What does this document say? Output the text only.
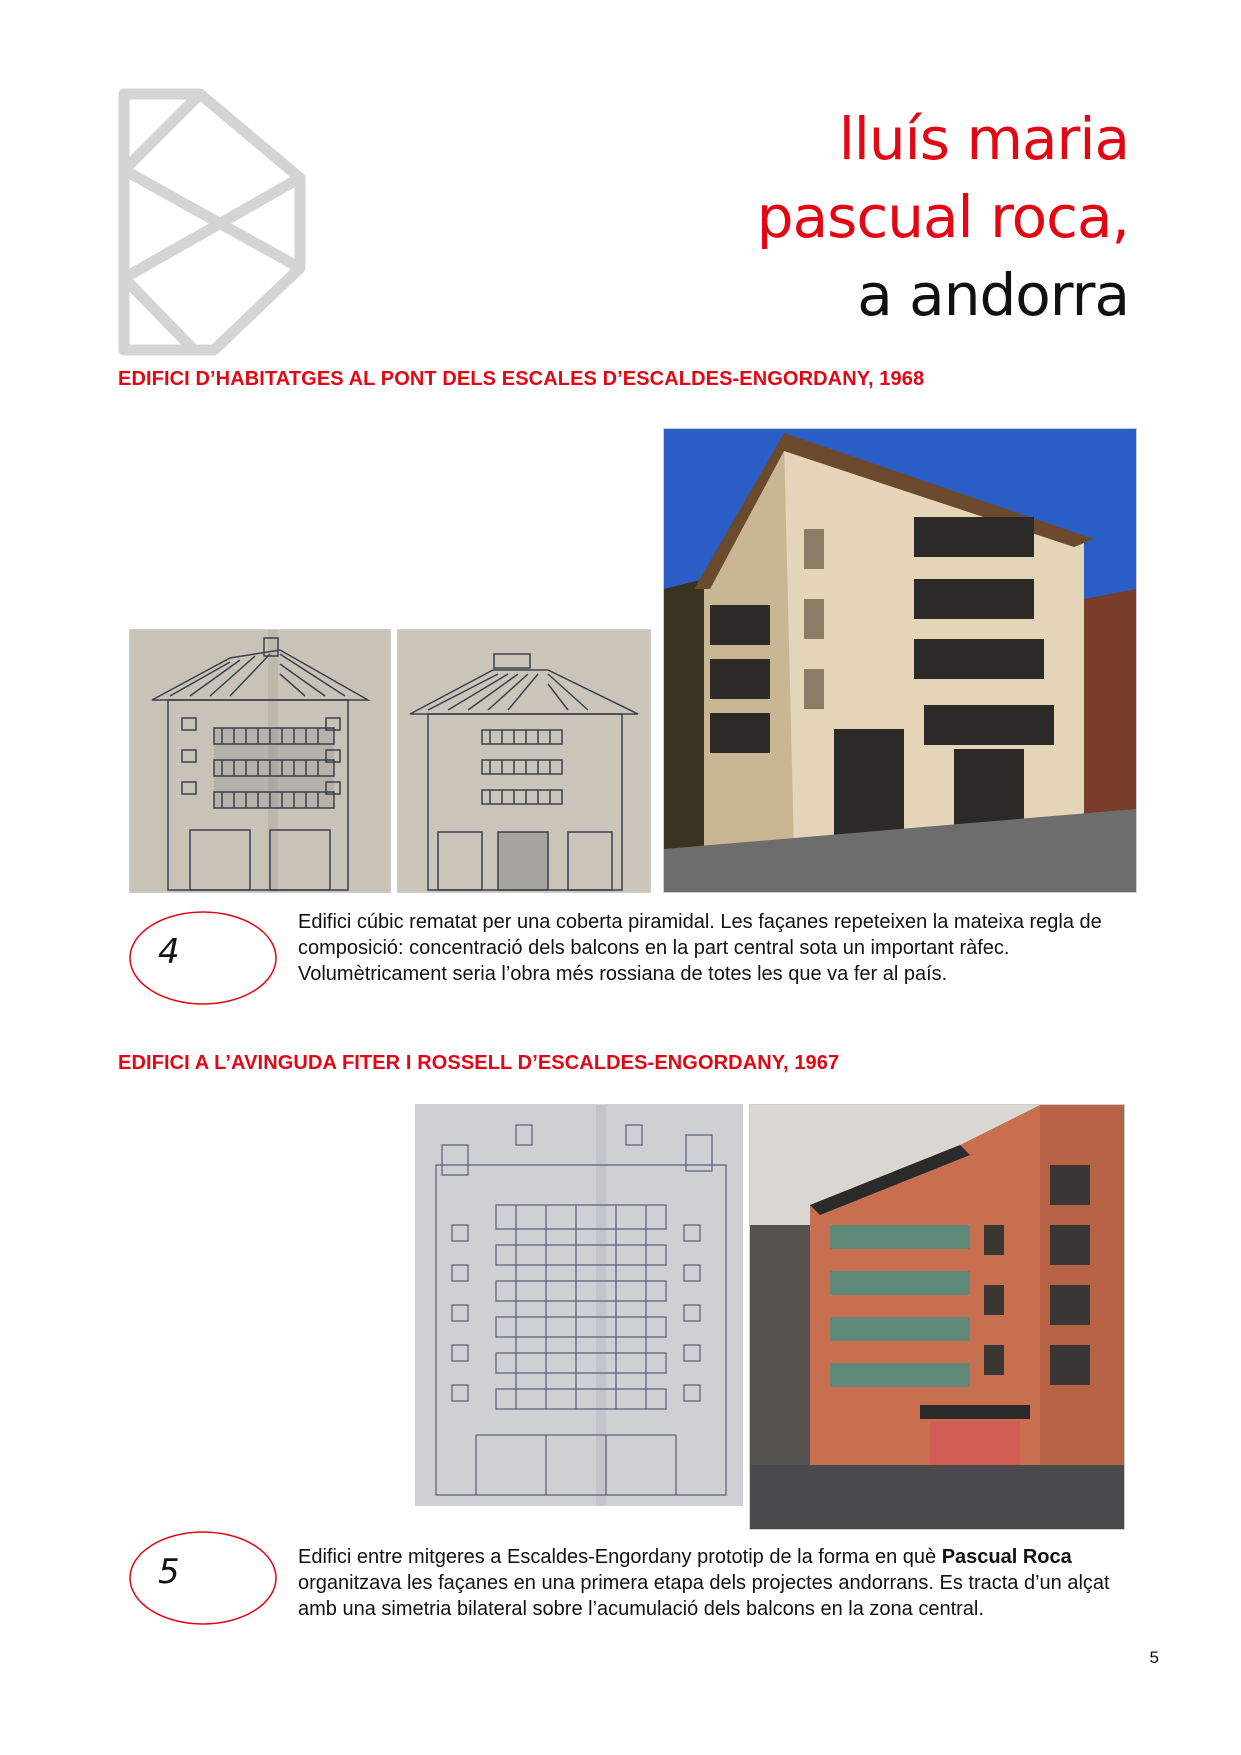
lluís maria
pascual roca,
a andorra
EDIFICI D’HABITATGES AL PONT DELS ESCALES D’ESCALDES-ENGORDANY, 1968
4
Edifici cúbic rematat per una coberta piramidal. Les façanes repeteixen la mateixa regla de composició: concentració dels balcons en la part central sota un important ràfec. Volumètricament seria l’obra més rossiana de totes les que va fer al país.
EDIFICI A L’AVINGUDA FITER I ROSSELL D’ESCALDES-ENGORDANY, 1967
5	Edifici entre mitgeres a Escaldes-Engordany prototip de la forma en què Pascual Roca organitzava les façanes en una primera etapa dels projectes andorrans. Es tracta d’un alçat amb una simetria bilateral sobre l’acumulació dels balcons en la zona central.
5
